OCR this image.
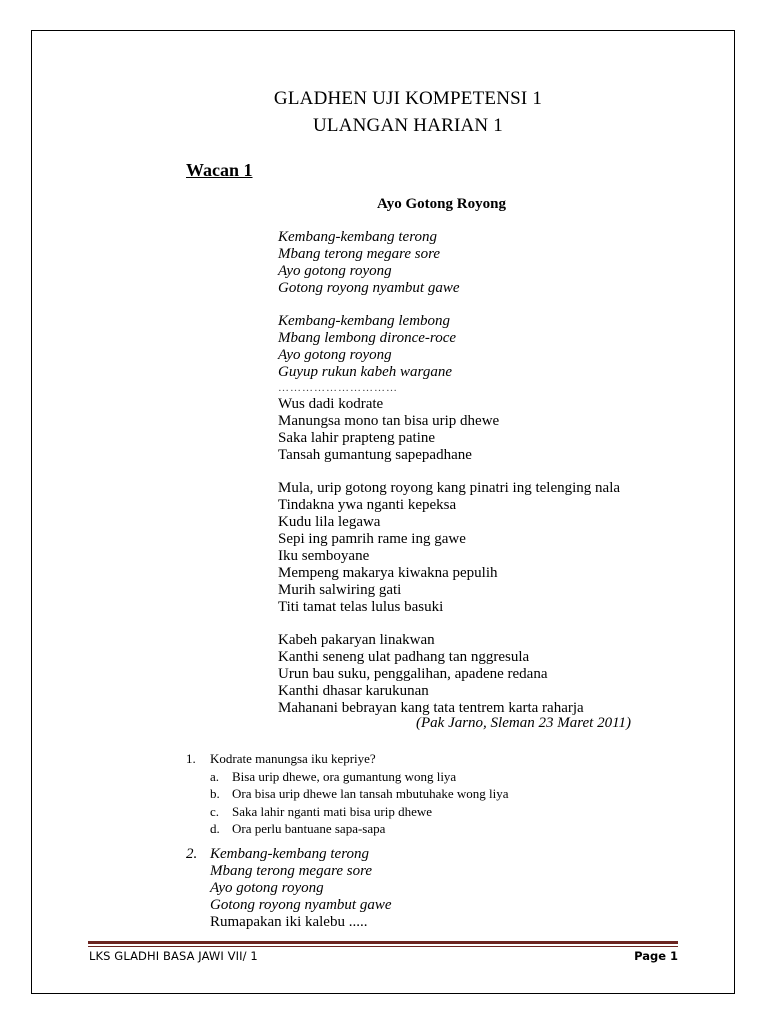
GLADHEN UJI KOMPETENSI 1
ULANGAN HARIAN 1
Wacan 1
Ayo Gotong Royong
Kembang-kembang terong
Mbang terong megare sore
Ayo gotong royong
Gotong royong nyambut gawe
Kembang-kembang lembong
Mbang lembong dironce-roce
Ayo gotong royong
Guyup rukun kabeh wargane
…………………………
Wus dadi kodrate
Manungsa mono tan bisa urip dhewe
Saka lahir prapteng patine
Tansah gumantung sapepadhane
Mula, urip gotong royong kang pinatri ing telenging nala
Tindakna ywa nganti kepeksa
Kudu lila legawa
Sepi ing pamrih rame ing gawe
Iku semboyane
Mempeng makarya kiwakna pepulih
Murih salwiring gati
Titi tamat telas lulus basuki
Kabeh pakaryan linakwan
Kanthi seneng ulat padhang tan nggresula
Urun bau suku, penggalihan, apadene redana
Kanthi dhasar karukunan
Mahanani bebrayan kang tata tentrem karta raharja
(Pak Jarno, Sleman 23 Maret 2011)
1.	Kodrate manungsa iku kepriye?
a. Bisa urip dhewe, ora gumantung wong liya
b. Ora bisa urip dhewe lan tansah mbutuhake wong liya
c. Saka lahir nganti mati bisa urip dhewe
d. Ora perlu bantuane sapa-sapa
2. Kembang-kembang terong
Mbang terong megare sore
Ayo gotong royong
Gotong royong nyambut gawe
Rumapakan iki kalebu .....
LKS GLADHI BASA JAWI VII/ 1	Page 1
